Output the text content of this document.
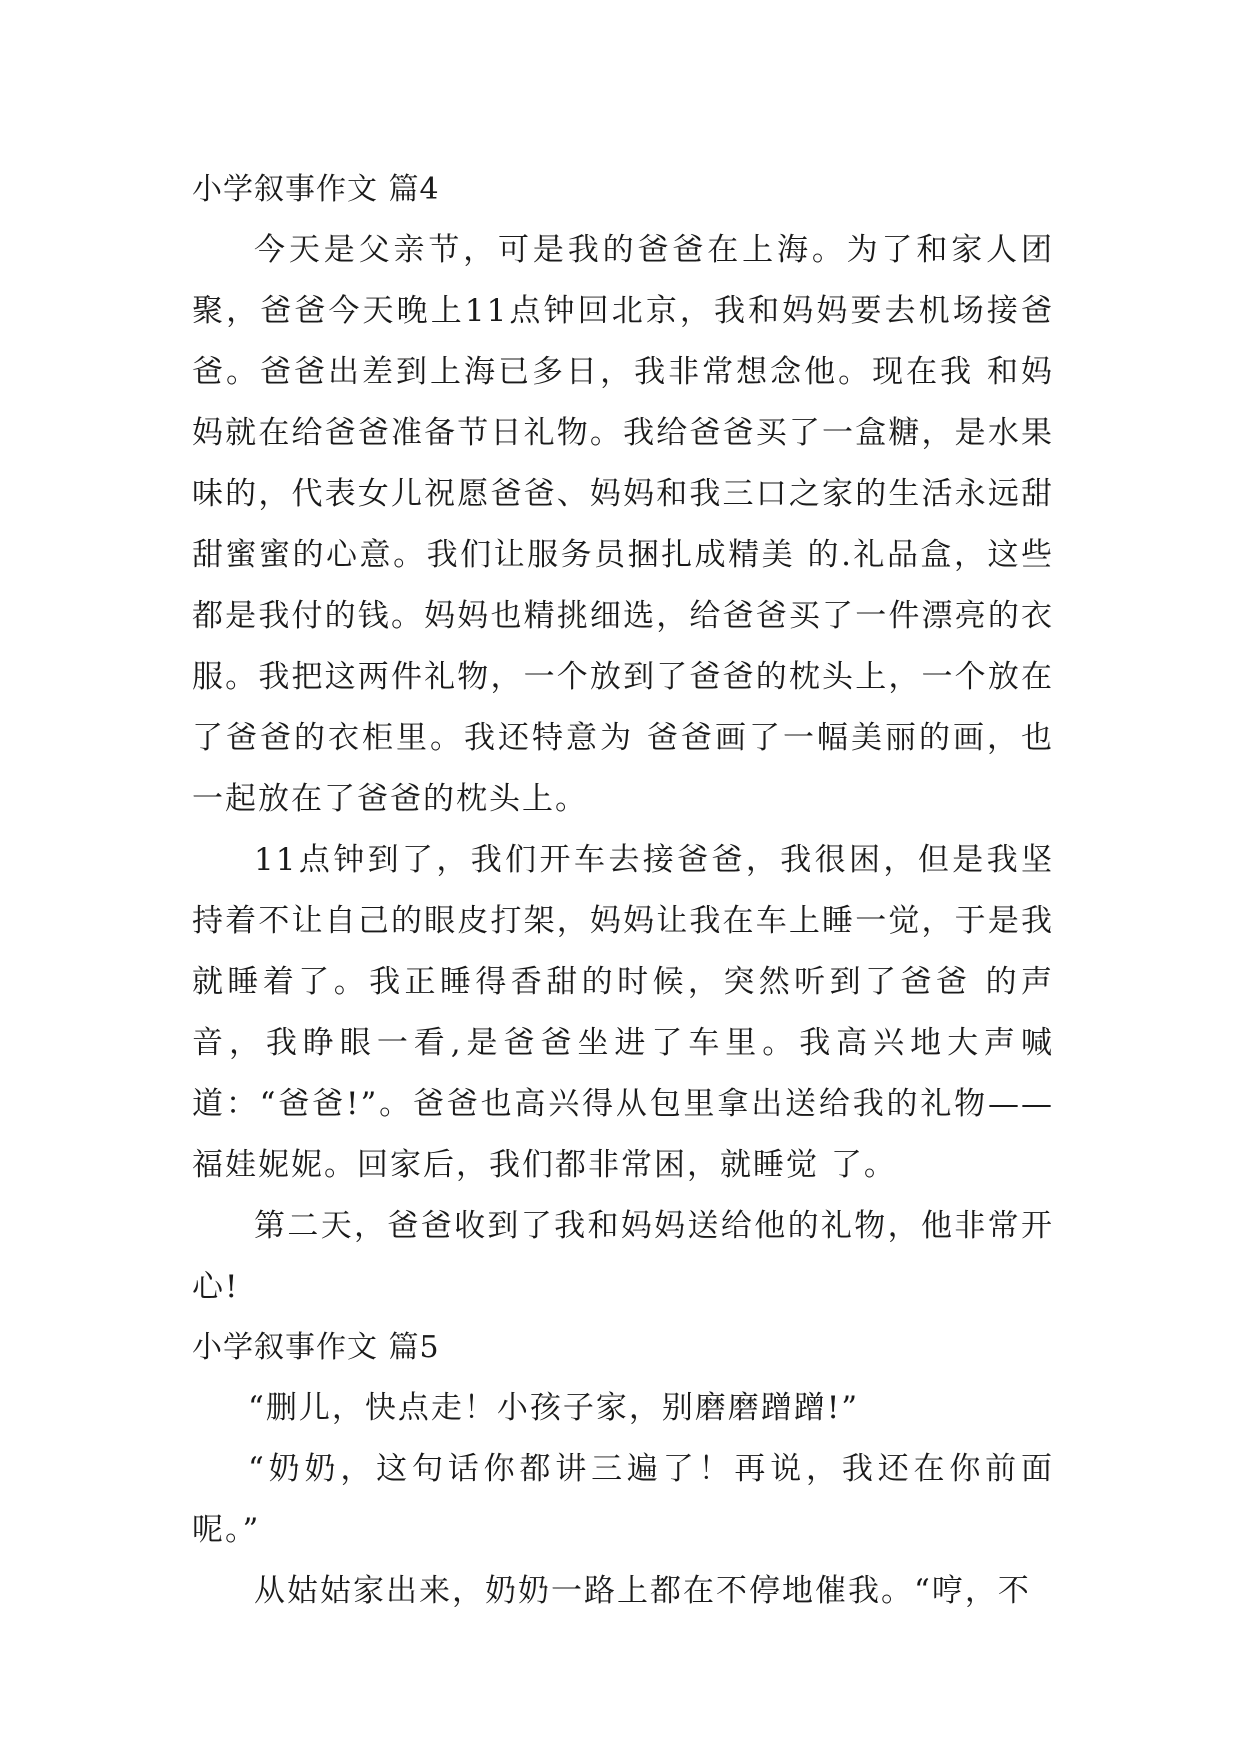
小学叙事作文 篇4

今天是父亲节，可是我的爸爸在上海。为了和家人团聚，爸爸今天晚上11点钟回北京，我和妈妈要去机场接爸爸。爸爸出差到上海已多日，我非常想念他。现在我 和妈妈就在给爸爸准备节日礼物。我给爸爸买了一盒糖，是水果味的，代表女儿祝愿爸爸、妈妈和我三口之家的生活永远甜甜蜜蜜的心意。我们让服务员捆扎成精美 的.礼品盒，这些都是我付的钱。妈妈也精挑细选，给爸爸买了一件漂亮的衣服。我把这两件礼物，一个放到了爸爸的枕头上，一个放在了爸爸的衣柜里。我还特意为 爸爸画了一幅美丽的画，也一起放在了爸爸的枕头上。

11点钟到了，我们开车去接爸爸，我很困，但是我坚持着不让自己的眼皮打架，妈妈让我在车上睡一觉，于是我就睡着了。我正睡得香甜的时候，突然听到了爸爸 的声音，我睁眼一看,是爸爸坐进了车里。我高兴地大声喊道：“爸爸!”。爸爸也高兴得从包里拿出送给我的礼物——福娃妮妮。回家后，我们都非常困，就睡觉 了。

第二天，爸爸收到了我和妈妈送给他的礼物，他非常开心!

小学叙事作文 篇5

“删儿，快点走！小孩子家，别磨磨蹭蹭!”

“奶奶，这句话你都讲三遍了！再说，我还在你前面呢。”

从姑姑家出来，奶奶一路上都在不停地催我。“哼，不
